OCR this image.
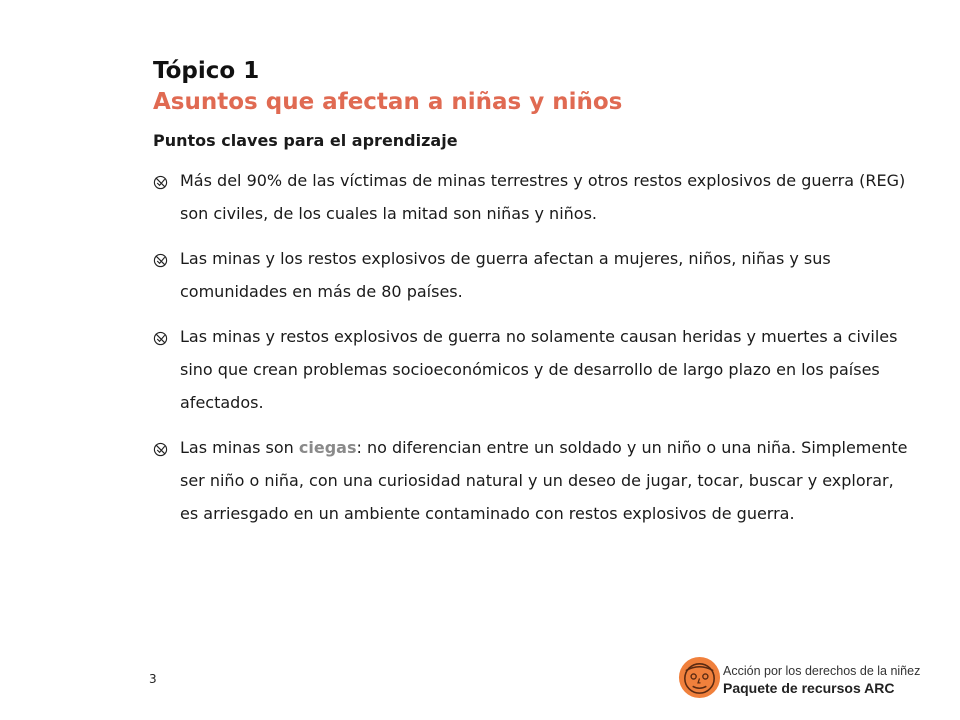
Tópico 1
Asuntos que afectan a niñas y niños
Puntos claves para el aprendizaje
Más del 90% de las víctimas de minas terrestres y otros restos explosivos de guerra (REG) son civiles, de los cuales la mitad son niñas y niños.
Las minas y los restos explosivos de guerra afectan a mujeres, niños, niñas y sus comunidades en más de 80 países.
Las minas y restos explosivos de guerra no solamente causan heridas y muertes a civiles sino que crean problemas socioeconómicos y de desarrollo de largo plazo en los países afectados.
Las minas son ciegas: no diferencian entre un soldado y un niño o una niña. Simplemente ser niño o niña, con una curiosidad natural y un deseo de jugar, tocar, buscar y explorar, es arriesgado en un ambiente contaminado con restos explosivos de guerra.
3
Acción por los derechos de la niñez
Paquete de recursos ARC
